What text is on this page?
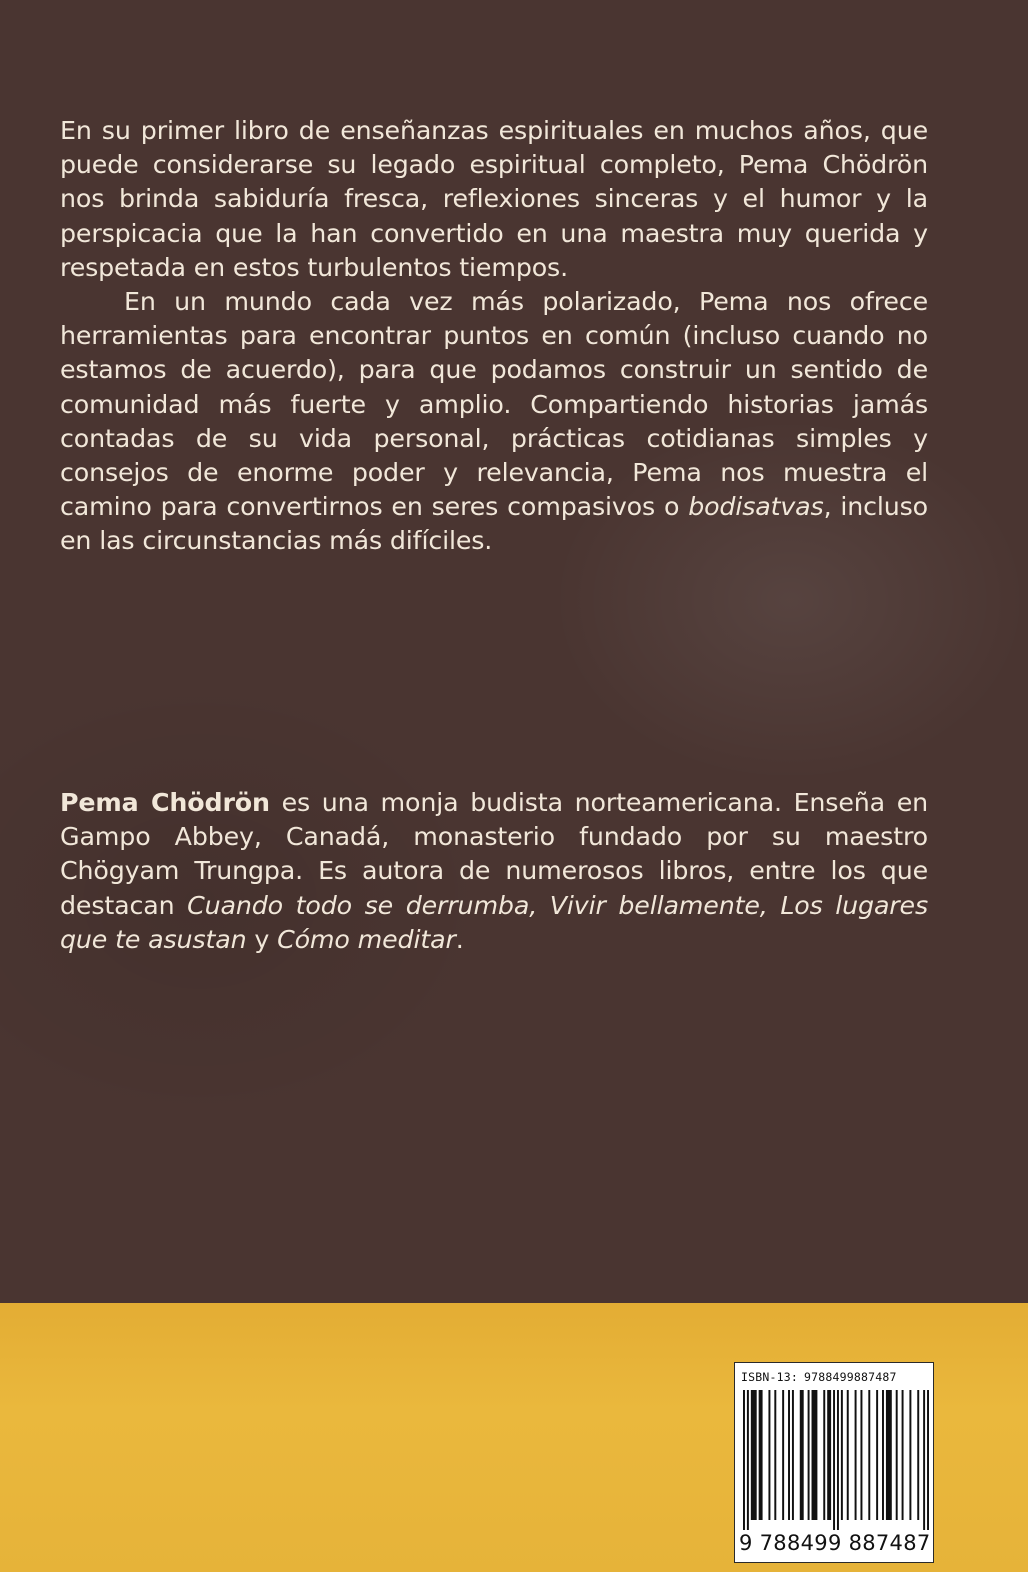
En su primer libro de enseñanzas espirituales en muchos años, que puede considerarse su legado espiritual completo, Pema Chödrön nos brinda sabiduría fresca, reflexiones sinceras y el humor y la perspicacia que la han convertido en una maestra muy querida y respetada en estos turbulentos tiempos.

En un mundo cada vez más polarizado, Pema nos ofrece herramientas para encontrar puntos en común (incluso cuando no estamos de acuerdo), para que podamos construir un sentido de comunidad más fuerte y amplio. Compartiendo historias jamás contadas de su vida personal, prácticas cotidianas simples y consejos de enorme poder y relevancia, Pema nos muestra el camino para convertirnos en seres compasivos o bodisatvas, incluso en las circunstancias más difíciles.

Pema Chödrön es una monja budista norteamericana. Enseña en Gampo Abbey, Canadá, monasterio fundado por su maestro Chögyam Trungpa. Es autora de numerosos libros, entre los que destacan Cuando todo se derrumba, Vivir bellamente, Los lugares que te asustan y Cómo meditar.
ISBN-13: 9788499887487
9 788499 887487
